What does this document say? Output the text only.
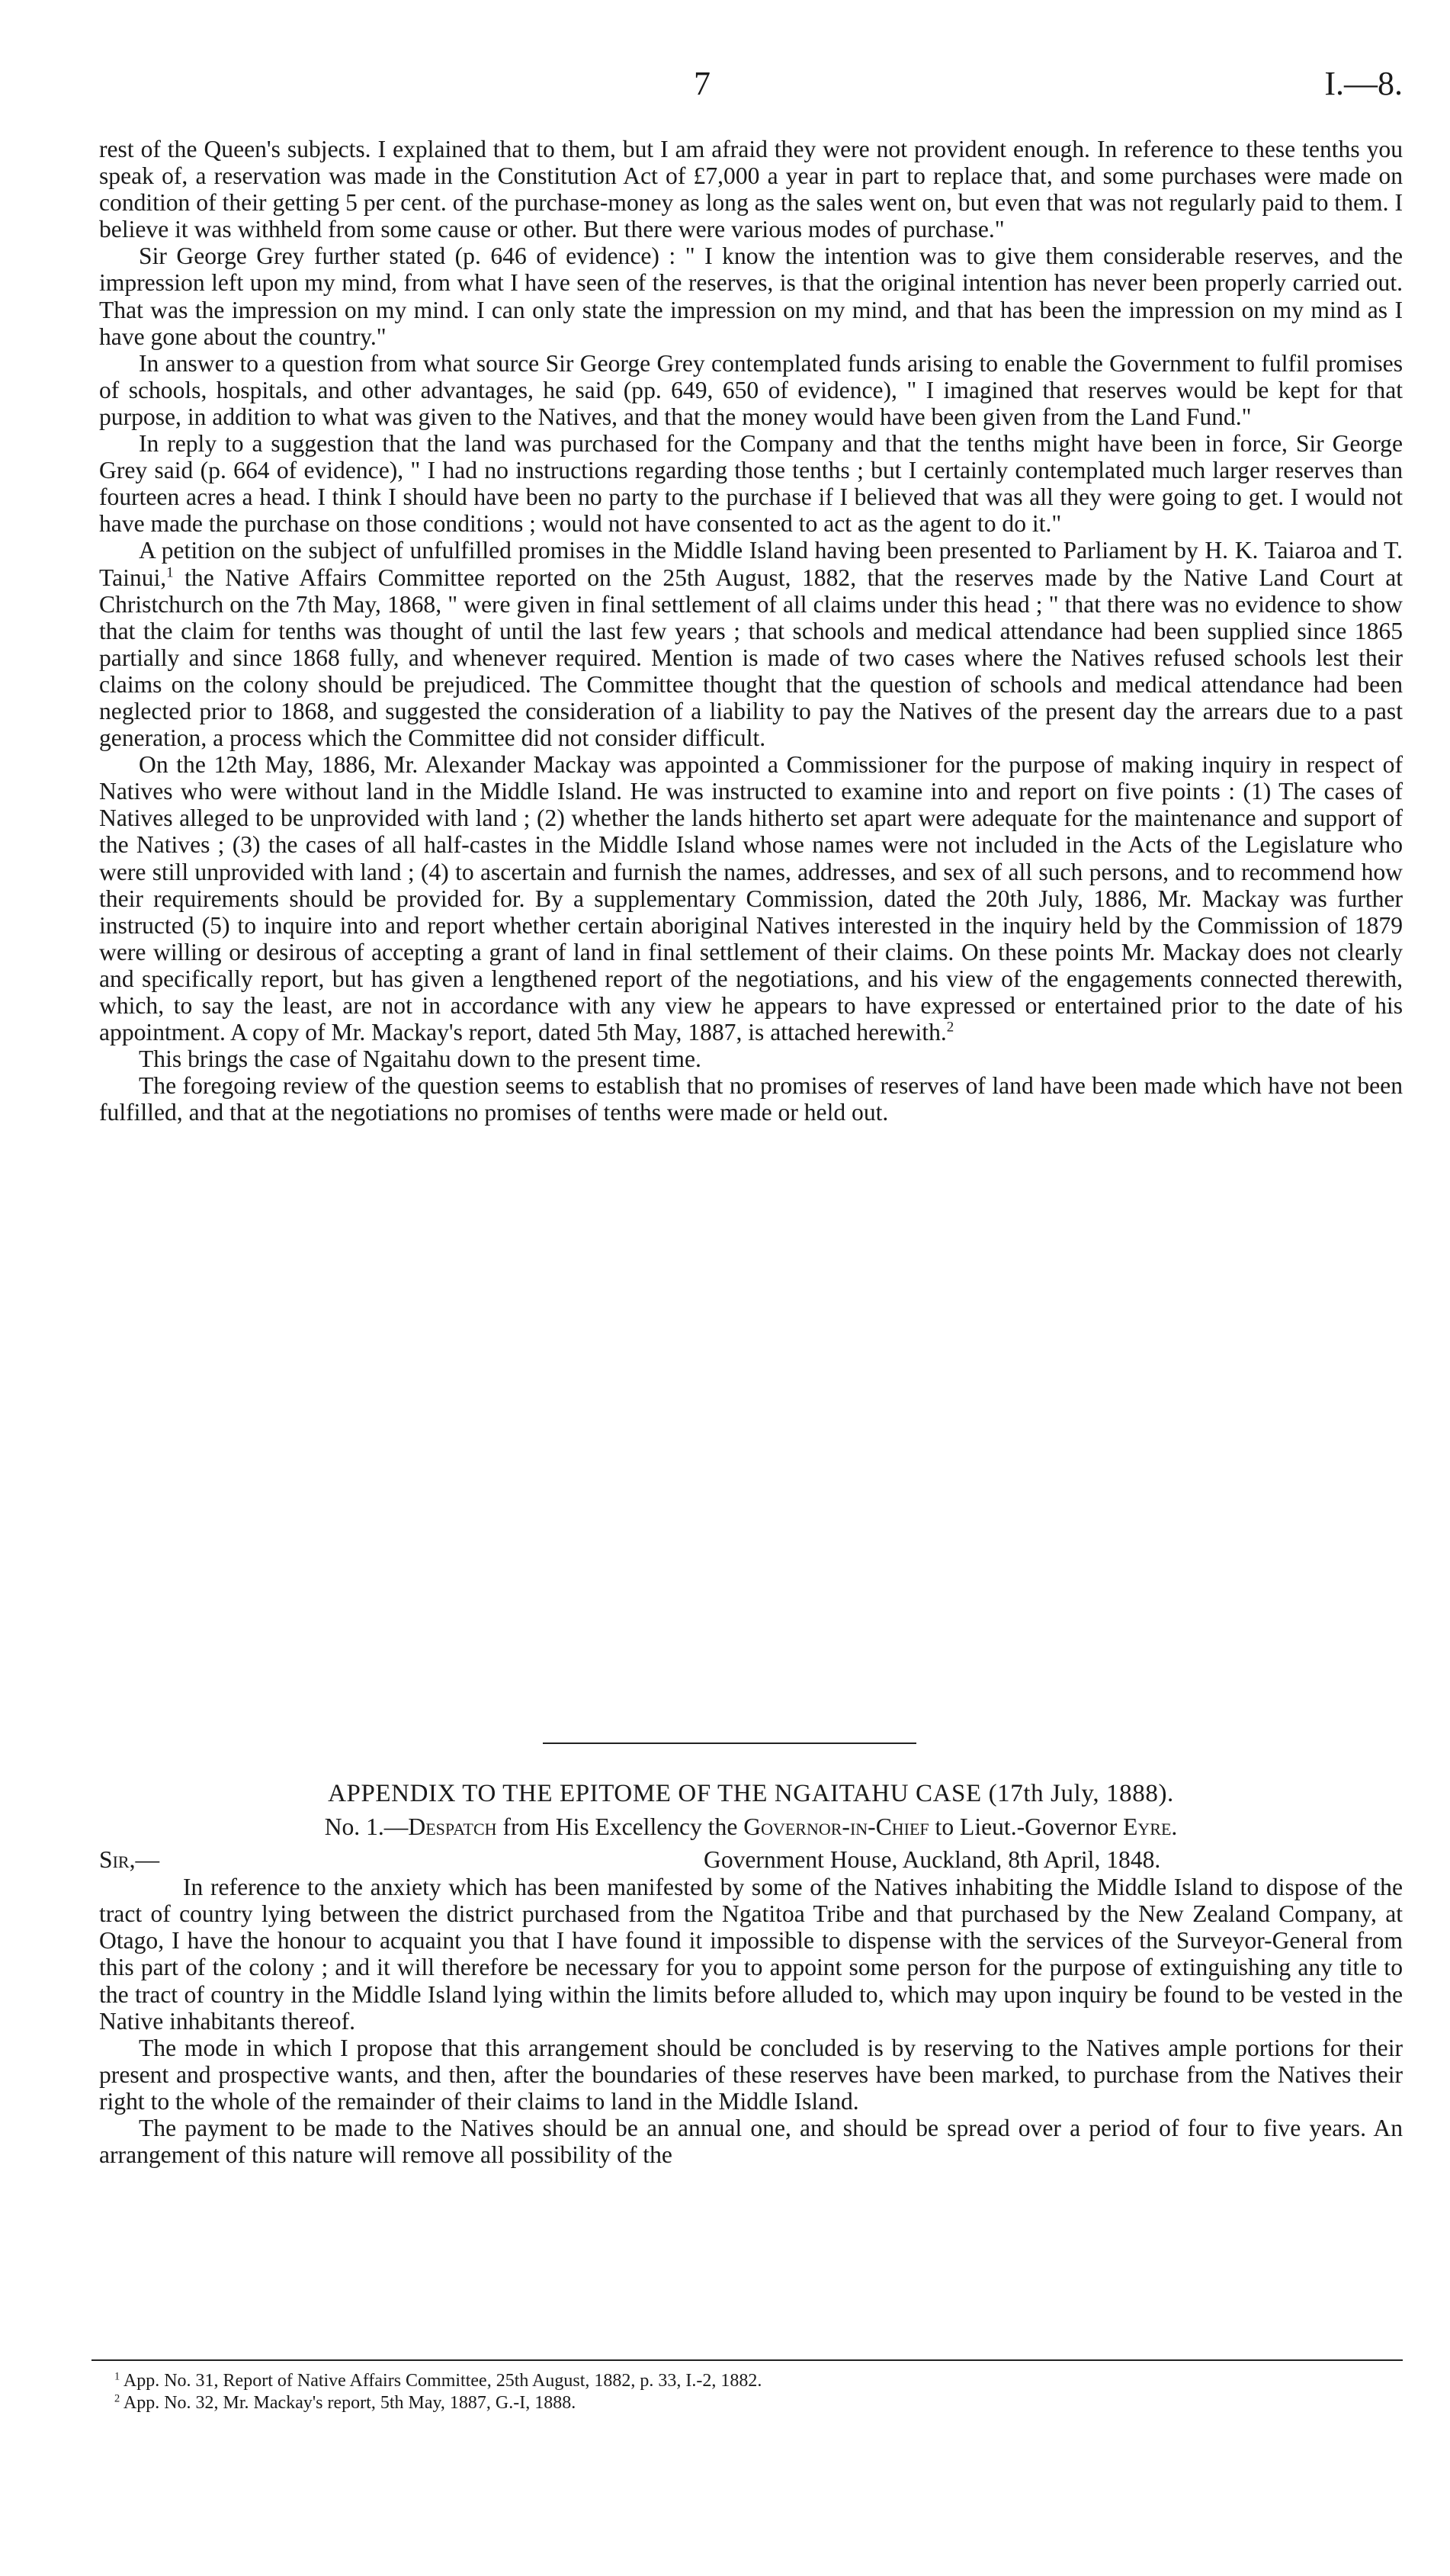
7	I.—8.

rest of the Queen's subjects. I explained that to them, but I am afraid they were not provident enough. In reference to these tenths you speak of, a reservation was made in the Constitution Act of £7,000 a year in part to replace that, and some purchases were made on condition of their getting 5 per cent. of the purchase-money as long as the sales went on, but even that was not regularly paid to them. I believe it was withheld from some cause or other. But there were various modes of purchase."

Sir George Grey further stated (p. 646 of evidence) : " I know the intention was to give them considerable reserves, and the impression left upon my mind, from what I have seen of the reserves, is that the original intention has never been properly carried out. That was the impression on my mind. I can only state the impression on my mind, and that has been the impression on my mind as I have gone about the country."

In answer to a question from what source Sir George Grey contemplated funds arising to enable the Government to fulfil promises of schools, hospitals, and other advantages, he said (pp. 649, 650 of evidence), " I imagined that reserves would be kept for that purpose, in addition to what was given to the Natives, and that the money would have been given from the Land Fund."

In reply to a suggestion that the land was purchased for the Company and that the tenths might have been in force, Sir George Grey said (p. 664 of evidence), " I had no instructions regarding those tenths ; but I certainly contemplated much larger reserves than fourteen acres a head. I think I should have been no party to the purchase if I believed that was all they were going to get. I would not have made the purchase on those conditions ; would not have consented to act as the agent to do it."

A petition on the subject of unfulfilled promises in the Middle Island having been presented to Parliament by H. K. Taiaroa and T. Tainui,$^1$ the Native Affairs Committee reported on the 25th August, 1882, that the reserves made by the Native Land Court at Christchurch on the 7th May, 1868, " were given in final settlement of all claims under this head ; " that there was no evidence to show that the claim for tenths was thought of until the last few years ; that schools and medical attendance had been supplied since 1865 partially and since 1868 fully, and whenever required. Mention is made of two cases where the Natives refused schools lest their claims on the colony should be prejudiced. The Committee thought that the question of schools and medical attendance had been neglected prior to 1868, and suggested the consideration of a liability to pay the Natives of the present day the arrears due to a past generation, a process which the Committee did not consider difficult.

On the 12th May, 1886, Mr. Alexander Mackay was appointed a Commissioner for the purpose of making inquiry in respect of Natives who were without land in the Middle Island. He was instructed to examine into and report on five points : (1) The cases of Natives alleged to be unprovided with land ; (2) whether the lands hitherto set apart were adequate for the maintenance and support of the Natives ; (3) the cases of all half-castes in the Middle Island whose names were not included in the Acts of the Legislature who were still unprovided with land ; (4) to ascertain and furnish the names, addresses, and sex of all such persons, and to recommend how their requirements should be provided for. By a supplementary Commission, dated the 20th July, 1886, Mr. Mackay was further instructed (5) to inquire into and report whether certain aboriginal Natives interested in the inquiry held by the Commission of 1879 were willing or desirous of accepting a grant of land in final settlement of their claims. On these points Mr. Mackay does not clearly and specifically report, but has given a lengthened report of the negotiations, and his view of the engagements connected therewith, which, to say the least, are not in accordance with any view he appears to have expressed or entertained prior to the date of his appointment. A copy of Mr. Mackay's report, dated 5th May, 1887, is attached herewith.$^2$

This brings the case of Ngaitahu down to the present time.

The foregoing review of the question seems to establish that no promises of reserves of land have been made which have not been fulfilled, and that at the negotiations no promises of tenths were made or held out.

APPENDIX TO THE EPITOME OF THE NGAITAHU CASE (17th July, 1888).
No. 1.—Despatch from His Excellency the Governor-in-Chief to Lieut.-Governor Eyre.
Sir,—	Government House, Auckland, 8th April, 1848.

In reference to the anxiety which has been manifested by some of the Natives inhabiting the Middle Island to dispose of the tract of country lying between the district purchased from the Ngatitoa Tribe and that purchased by the New Zealand Company, at Otago, I have the honour to acquaint you that I have found it impossible to dispense with the services of the Surveyor-General from this part of the colony ; and it will therefore be necessary for you to appoint some person for the purpose of extinguishing any title to the tract of country in the Middle Island lying within the limits before alluded to, which may upon inquiry be found to be vested in the Native inhabitants thereof.

The mode in which I propose that this arrangement should be concluded is by reserving to the Natives ample portions for their present and prospective wants, and then, after the boundaries of these reserves have been marked, to purchase from the Natives their right to the whole of the remainder of their claims to land in the Middle Island.

The payment to be made to the Natives should be an annual one, and should be spread over a period of four to five years. An arrangement of this nature will remove all possibility of the

$^1$ App. No. 31, Report of Native Affairs Committee, 25th August, 1882, p. 33, I.-2, 1882.
$^2$ App. No. 32, Mr. Mackay's report, 5th May, 1887, G.-I, 1888.
